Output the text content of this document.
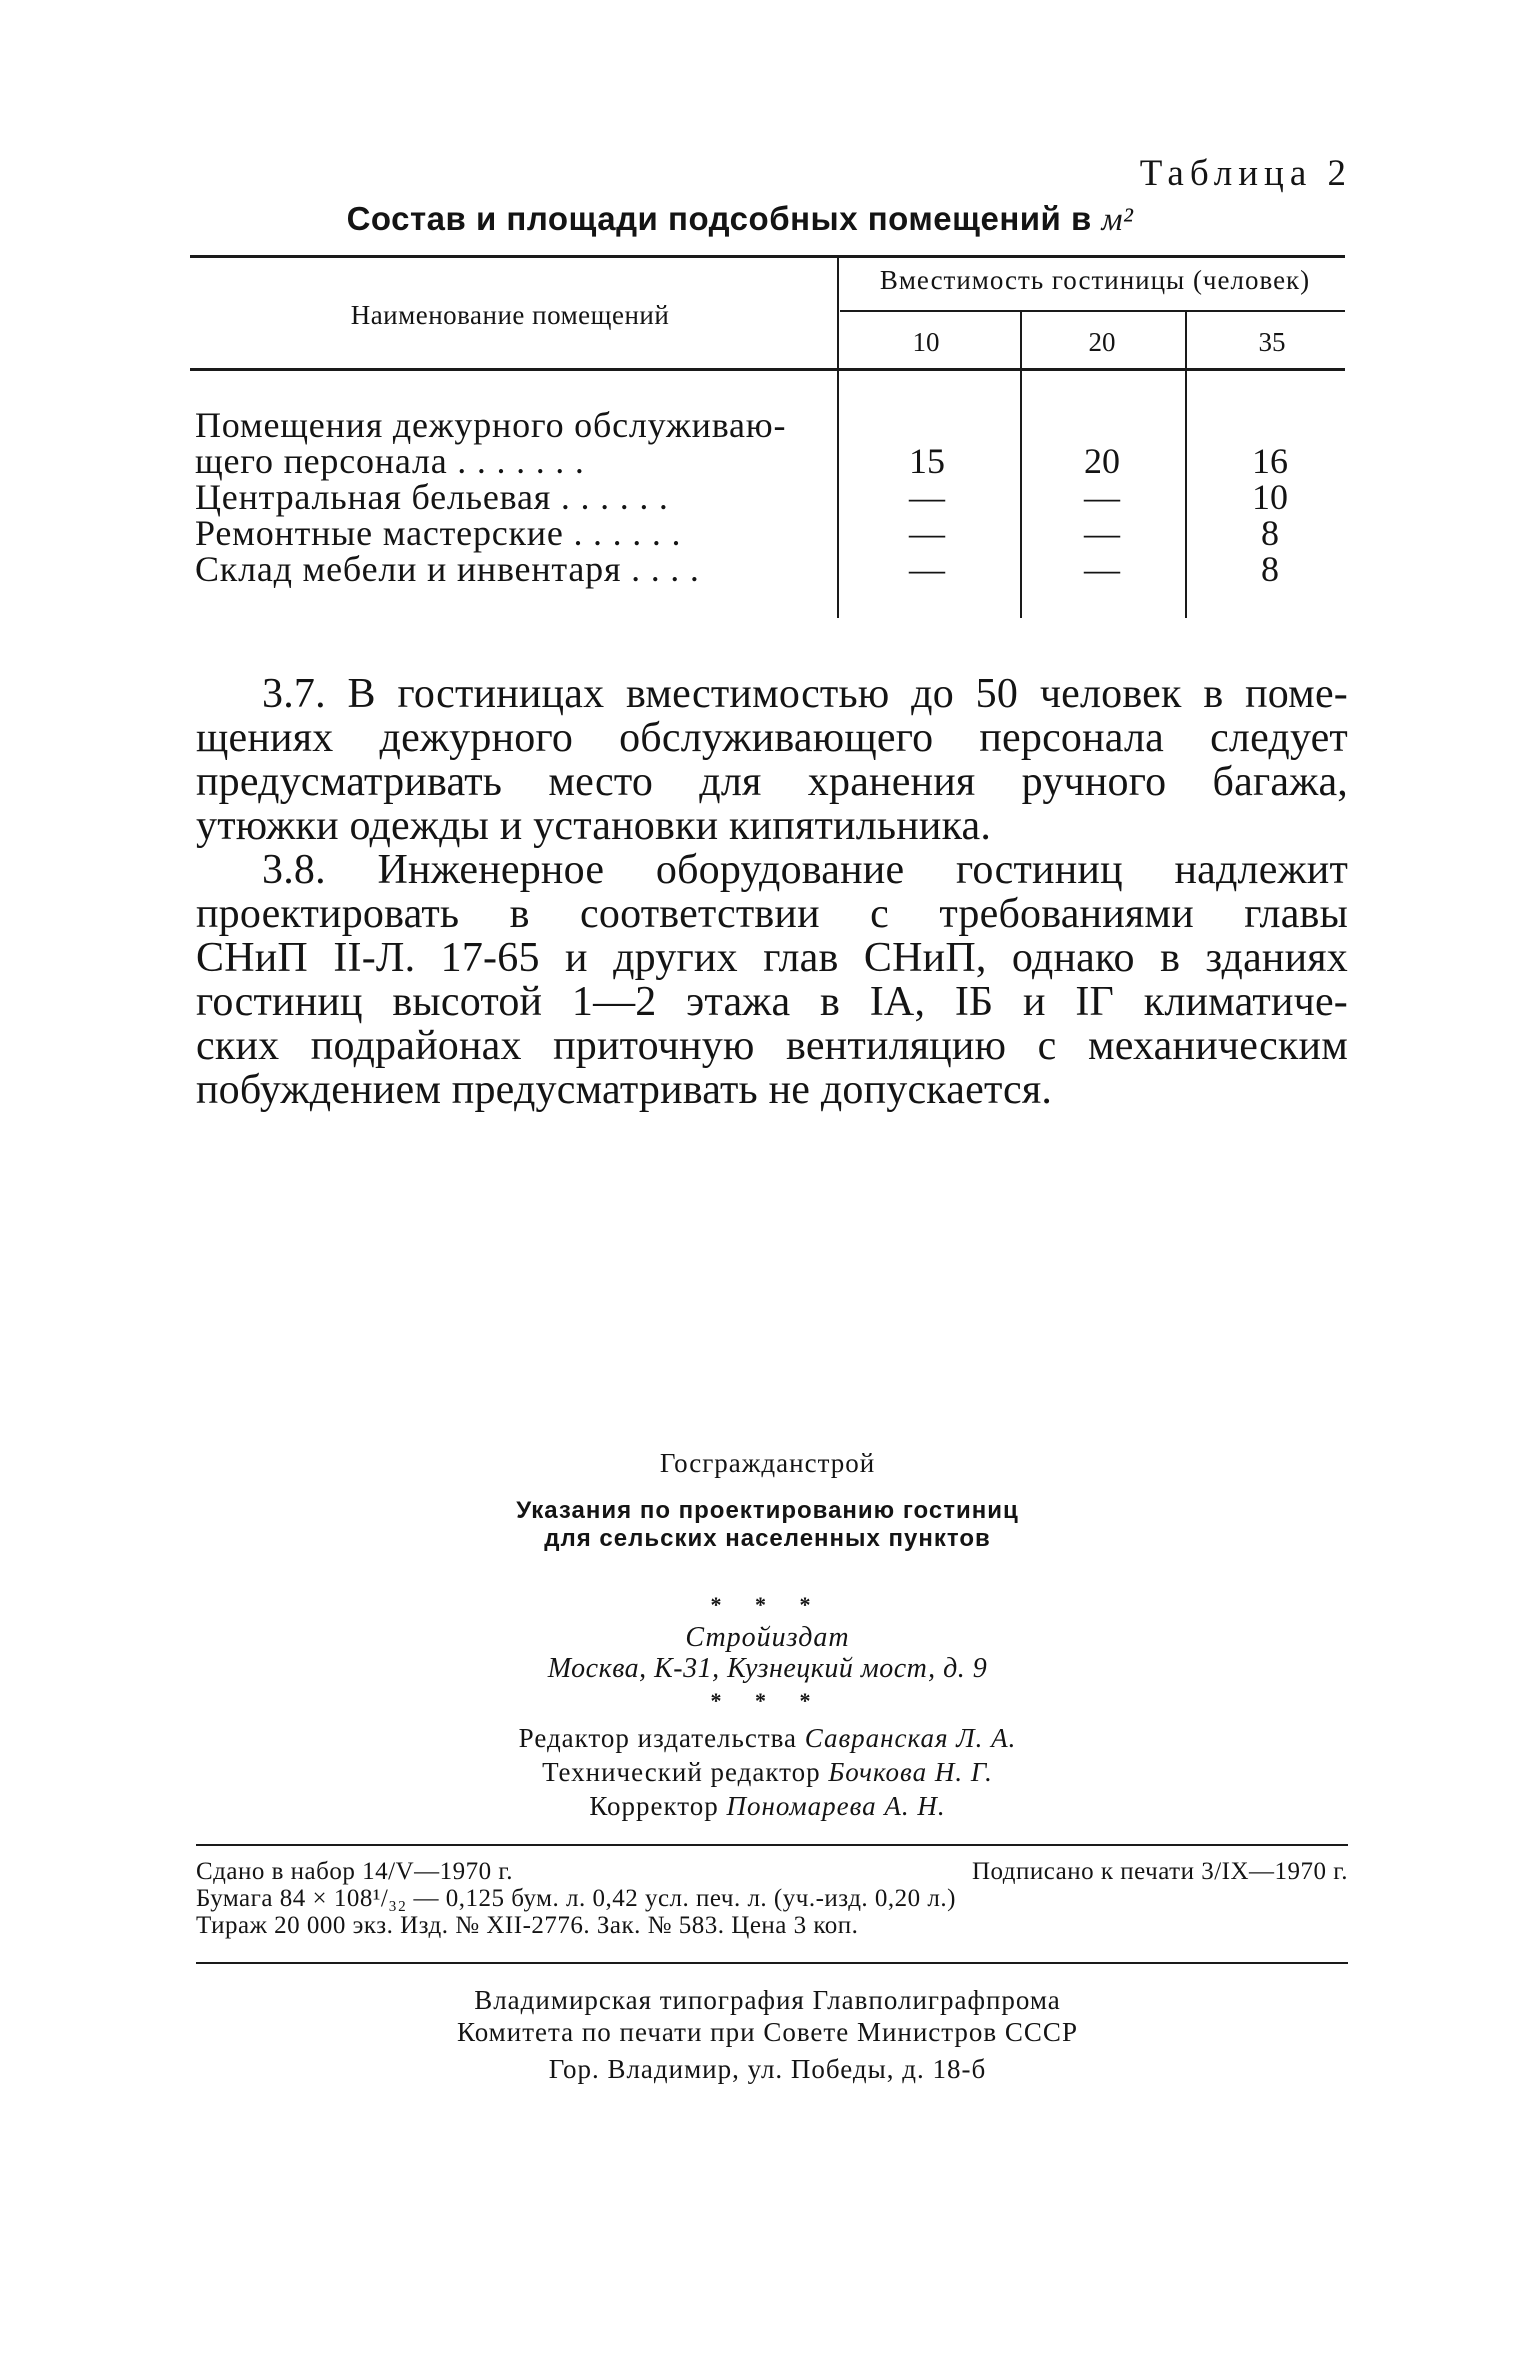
Таблица 2
Состав и площади подсобных помещений в м²
Наименование помещений
Вместимость гостиницы (человек)
10	20	35
Помещения дежурного обслуживаю-
щего персонала . . . . . . .	15	20	16
Центральная бельевая . . . . . .	—	—	10
Ремонтные мастерские . . . . . .	—	—	8
Склад мебели и инвентаря . . . .	—	—	8
3.7. В гостиницах вместимостью до 50 человек в поме-
щениях дежурного обслуживающего персонала следует
предусматривать место для хранения ручного багажа,
утюжки одежды и установки кипятильника.
3.8. Инженерное оборудование гостиниц надлежит
проектировать в соответствии с требованиями главы
СНиП II-Л. 17-65 и других глав СНиП, однако в зданиях
гостиниц высотой 1—2 этажа в IА, IБ и IГ климатиче-
ских подрайонах приточную вентиляцию с механическим
побуждением предусматривать не допускается.
Госгражданстрой
Указания по проектированию гостиниц
для сельских населенных пунктов
* * *
Стройиздат
Москва, К-31, Кузнецкий мост, д. 9
* * *
Редактор издательства Савранская Л. А.
Технический редактор Бочкова Н. Г.
Корректор Пономарева А. Н.
Сдано в набор 14/V—1970 г.	Подписано к печати 3/IX—1970 г.
Бумага 84 × 108¹/₃₂ — 0,125 бум. л. 0,42 усл. печ. л. (уч.-изд. 0,20 л.)
Тираж 20 000 экз. Изд. № XII-2776. Зак. № 583. Цена 3 коп.
Владимирская типография Главполиграфпрома
Комитета по печати при Совете Министров СССР
Гор. Владимир, ул. Победы, д. 18-б
